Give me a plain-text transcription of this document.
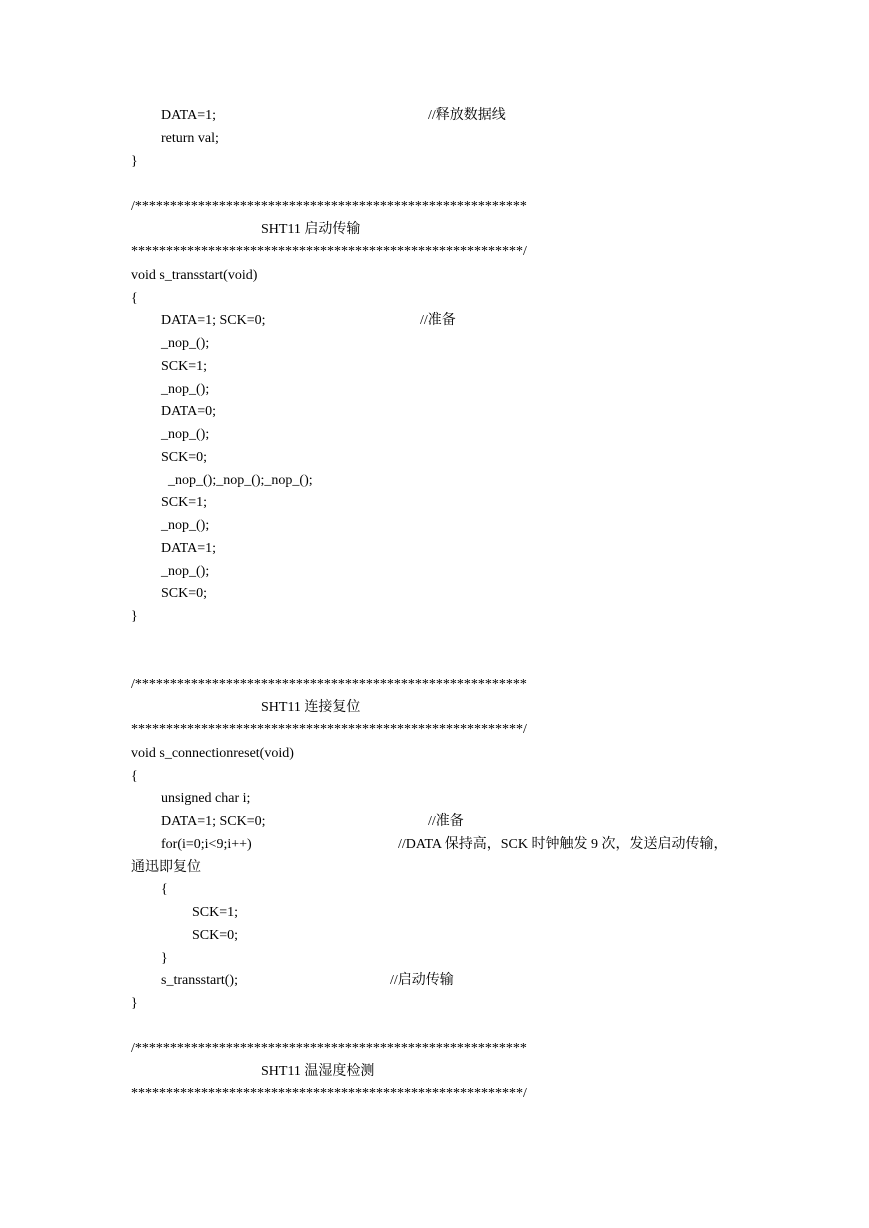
DATA=1;	//释放数据线
return val;
}
/********************************************************
SHT11 启动传输
********************************************************/
void s_transstart(void)
{
DATA=1; SCK=0;	//准备
_nop_();
SCK=1;
_nop_();
DATA=0;
_nop_();
SCK=0;
_nop_();_nop_();_nop_();
SCK=1;
_nop_();
DATA=1;
_nop_();
SCK=0;
}
/********************************************************
SHT11 连接复位
********************************************************/
void s_connectionreset(void)
{
unsigned char i;
DATA=1; SCK=0;	//准备
for(i=0;i<9;i++)	//DATA 保持高，SCK 时钟触发 9 次，发送启动传输，
通迅即复位
{
SCK=1;
SCK=0;
}
s_transstart();	//启动传输
}
/********************************************************
SHT11 温湿度检测
********************************************************/
